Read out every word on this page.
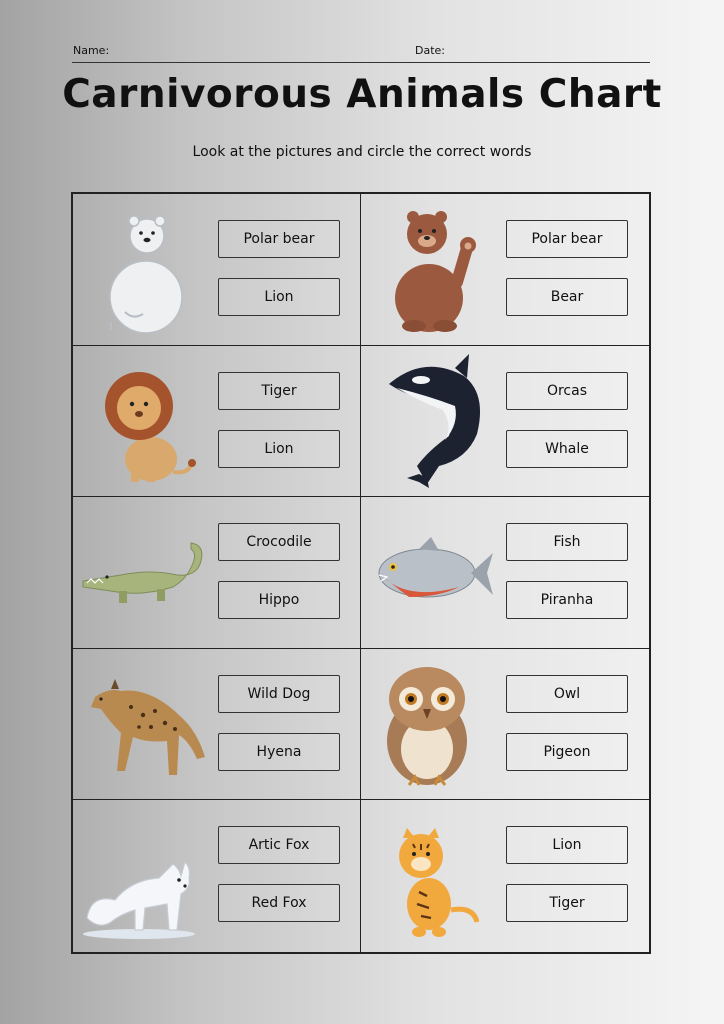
Name:	Date:
Carnivorous Animals Chart
Look at the pictures and circle the correct words
Polar bear
Lion
Polar bear
Bear
Tiger
Lion
Orcas
Whale
Crocodile
Hippo
Fish
Piranha
Wild Dog
Hyena
Owl
Pigeon
Artic Fox
Red Fox
Lion
Tiger
